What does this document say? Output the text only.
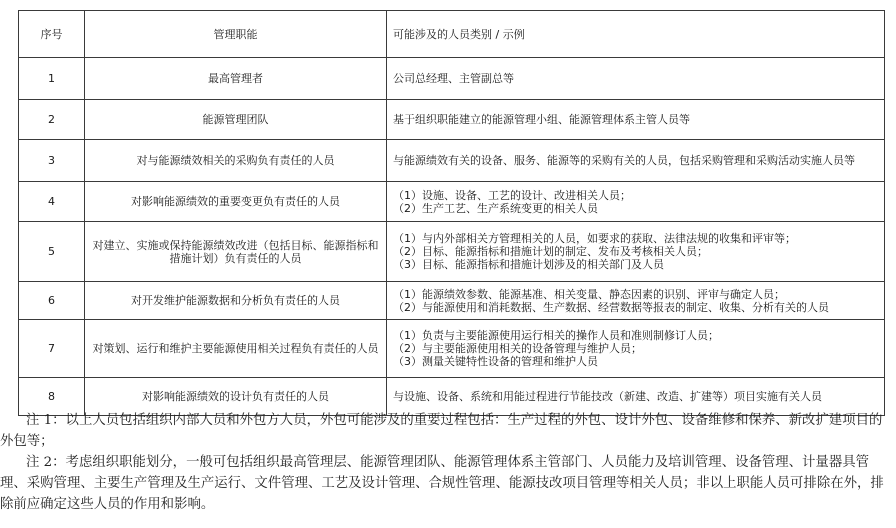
序号	管理职能	可能涉及的人员类别 / 示例
1	最高管理者	公司总经理、主管副总等

2	能源管理团队	基于组织职能建立的能源管理小组、能源管理体系主管人员等

3	对与能源绩效相关的采购负有责任的人员	与能源绩效有关的设备、服务、能源等的采购有关的人员，包括采购管理和采购活动实施人员等

4	对影响能源绩效的重要变更负有责任的人员	（1）设施、设备、工艺的设计、改进相关人员；
（2）生产工艺、生产系统变更的相关人员

5	对建立、实施或保持能源绩效改进（包括目标、能源指标和措施计划）负有责任的人员	（1）与内外部相关方管理相关的人员，如要求的获取、法律法规的收集和评审等；
（2）目标、能源指标和措施计划的制定、发布及考核相关人员；
（3）目标、能源指标和措施计划涉及的相关部门及人员

6	对开发维护能源数据和分析负有责任的人员	（1）能源绩效参数、能源基准、相关变量、静态因素的识别、评审与确定人员；
（2）与能源使用和消耗数据、生产数据、经营数据等报表的制定、收集、分析有关的人员

7	对策划、运行和维护主要能源使用相关过程负有责任的人员	（1）负责与主要能源使用运行相关的操作人员和准则制修订人员；
（2）与主要能源使用相关的设备管理与维护人员；
（3）测量关键特性设备的管理和维护人员

8	对影响能源绩效的设计负有责任的人员	与设施、设备、系统和用能过程进行节能技改（新建、改造、扩建等）项目实施有关人员

注 1：以上人员包括组织内部人员和外包方人员，外包可能涉及的重要过程包括：生产过程的外包、设计外包、设备维修和保养、新改扩建项目的外包等；

注 2：考虑组织职能划分，一般可包括组织最高管理层、能源管理团队、能源管理体系主管部门、人员能力及培训管理、设备管理、计量器具管理、采购管理、主要生产管理及生产运行、文件管理、工艺及设计管理、合规性管理、能源技改项目管理等相关人员；非以上职能人员可排除在外，排除前应确定这些人员的作用和影响。
